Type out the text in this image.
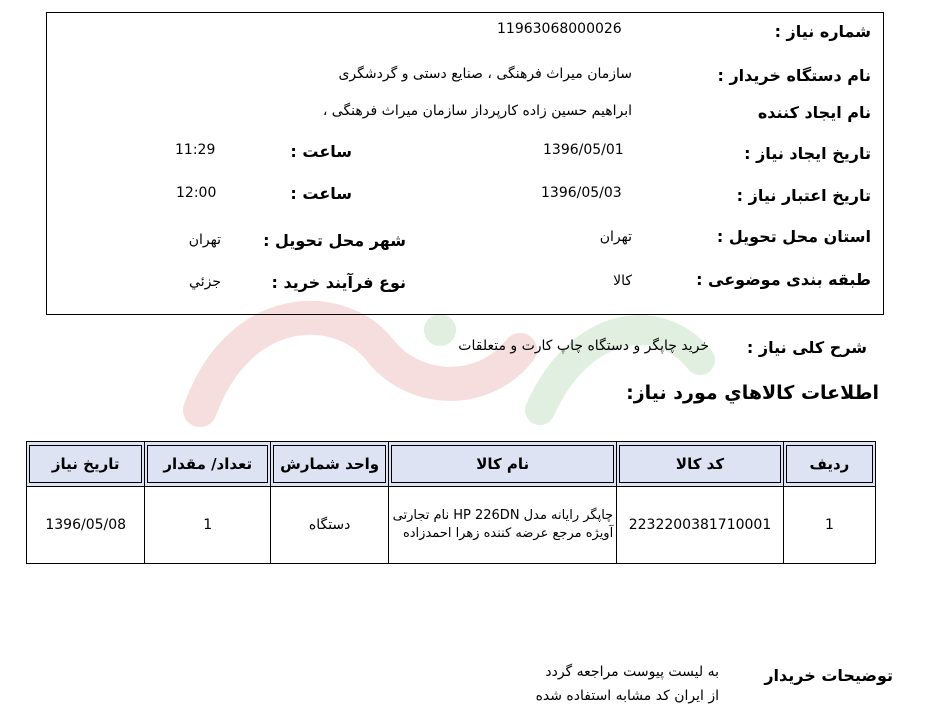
شماره نیاز :
11963068000026
نام دستگاه خریدار :
سازمان میراث فرهنگی ، صنایع دستی و گردشگری
نام ایجاد کننده
ابراهیم حسین زاده کارپرداز سازمان میراث فرهنگی ،
تاریخ ایجاد نیاز :
1396/05/01
ساعت :
11:29
تاریخ اعتبار نیاز :
1396/05/03
ساعت :
12:00
استان محل تحویل :
تهران
شهر محل تحویل :
تهران
طبقه بندی موضوعی :
کالا
نوع فرآیند خرید :
جزئي
شرح کلی نیاز :
خرید چاپگر و دستگاه چاپ کارت و متعلقات
اطلاعات کالاهاي مورد نیاز:
ردیف	کد کالا	نام کالا	واحد شمارش	تعداد/ مقدار	تاریخ نیاز

1	2232200381710001	چاپگر رایانه مدل HP 226DN نام تجارتی آویژه مرجع عرضه کننده زهرا احمدزاده	دستگاه	1	1396/05/08
توضیحات خریدار
به لیست پیوست مراجعه گردد
از ایران کد مشابه استفاده شده
